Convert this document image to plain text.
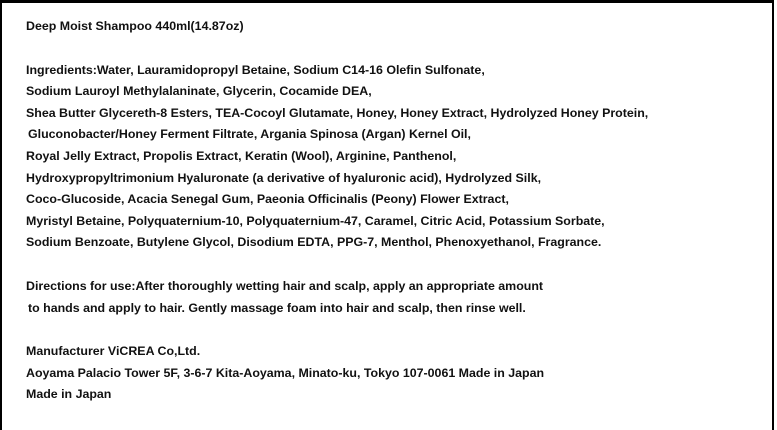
Deep Moist Shampoo 440ml(14.87oz)
Ingredients:Water, Lauramidopropyl Betaine, Sodium C14-16 Olefin Sulfonate,
Sodium Lauroyl Methylalaninate, Glycerin, Cocamide DEA,
Shea Butter Glycereth-8 Esters, TEA-Cocoyl Glutamate, Honey, Honey Extract, Hydrolyzed Honey Protein,
Gluconobacter/Honey Ferment Filtrate, Argania Spinosa (Argan) Kernel Oil,
Royal Jelly Extract, Propolis Extract, Keratin (Wool), Arginine, Panthenol,
Hydroxypropyltrimonium Hyaluronate (a derivative of hyaluronic acid), Hydrolyzed Silk,
Coco-Glucoside, Acacia Senegal Gum, Paeonia Officinalis (Peony) Flower Extract,
Myristyl Betaine, Polyquaternium-10, Polyquaternium-47, Caramel, Citric Acid, Potassium Sorbate,
Sodium Benzoate, Butylene Glycol, Disodium EDTA, PPG-7, Menthol, Phenoxyethanol, Fragrance.
Directions for use:After thoroughly wetting hair and scalp, apply an appropriate amount
to hands and apply to hair. Gently massage foam into hair and scalp, then rinse well.
Manufacturer ViCREA Co,Ltd.
Aoyama Palacio Tower 5F, 3-6-7 Kita-Aoyama, Minato-ku, Tokyo 107-0061 Made in Japan
Made in Japan
